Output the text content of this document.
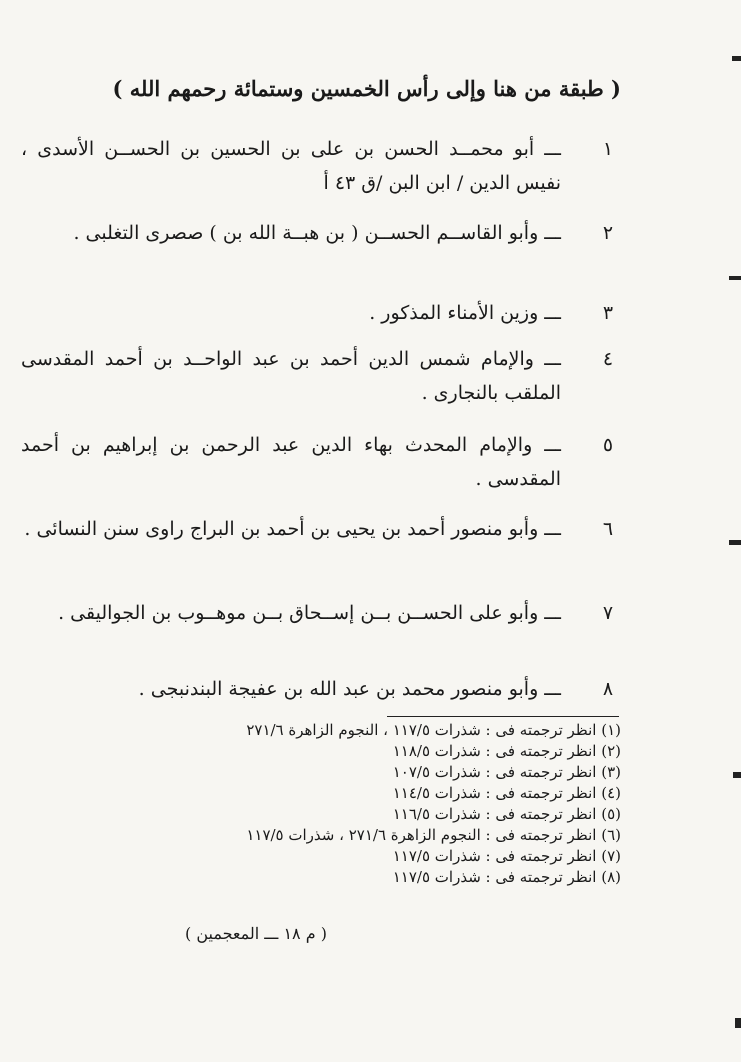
( طبقة من هنا وإلى رأس الخمسين وستمائة رحمهم الله )
١
ـــ أبو محمــد الحسن بن على بن الحسين بن الحســن الأسدى ، نفيس الدين / ابن البن /ق ٤٣ أ
٢
ـــ وأبو القاســم الحســن ( بن هبــة الله بن ) صصرى التغلبى .
٣
ـــ وزين الأمناء المذكور .
٤
ـــ والإمام شمس الدين أحمد بن عبد الواحــد بن أحمد المقدسى الملقب بالنجارى .
٥
ـــ والإمام المحدث بهاء الدين عبد الرحمن بن إبراهيم بن أحمد المقدسى .
٦
ـــ وأبو منصور أحمد بن يحيى بن أحمد بن البراج راوى سنن النسائى .
٧
ـــ وأبو على الحســن بــن إســحاق بــن موهــوب بن الجواليقى .
٨
ـــ وأبو منصور محمد بن عبد الله بن عفيجة البندنبجى .
(١) انظر ترجمته فى : شذرات ١١٧/٥ ، النجوم الزاهرة ٢٧١/٦
(٢) انظر ترجمته فى : شذرات ١١٨/٥
(٣) انظر ترجمته فى : شذرات ١٠٧/٥
(٤) انظر ترجمته فى : شذرات ١١٤/٥
(٥) انظر ترجمته فى : شذرات ١١٦/٥
(٦) انظر ترجمته فى : النجوم الزاهرة ٢٧١/٦ ، شذرات ١١٧/٥
(٧) انظر ترجمته فى : شذرات ١١٧/٥
(٨) انظر ترجمته فى : شذرات ١١٧/٥
( م ١٨ ـــ المعجمين )
